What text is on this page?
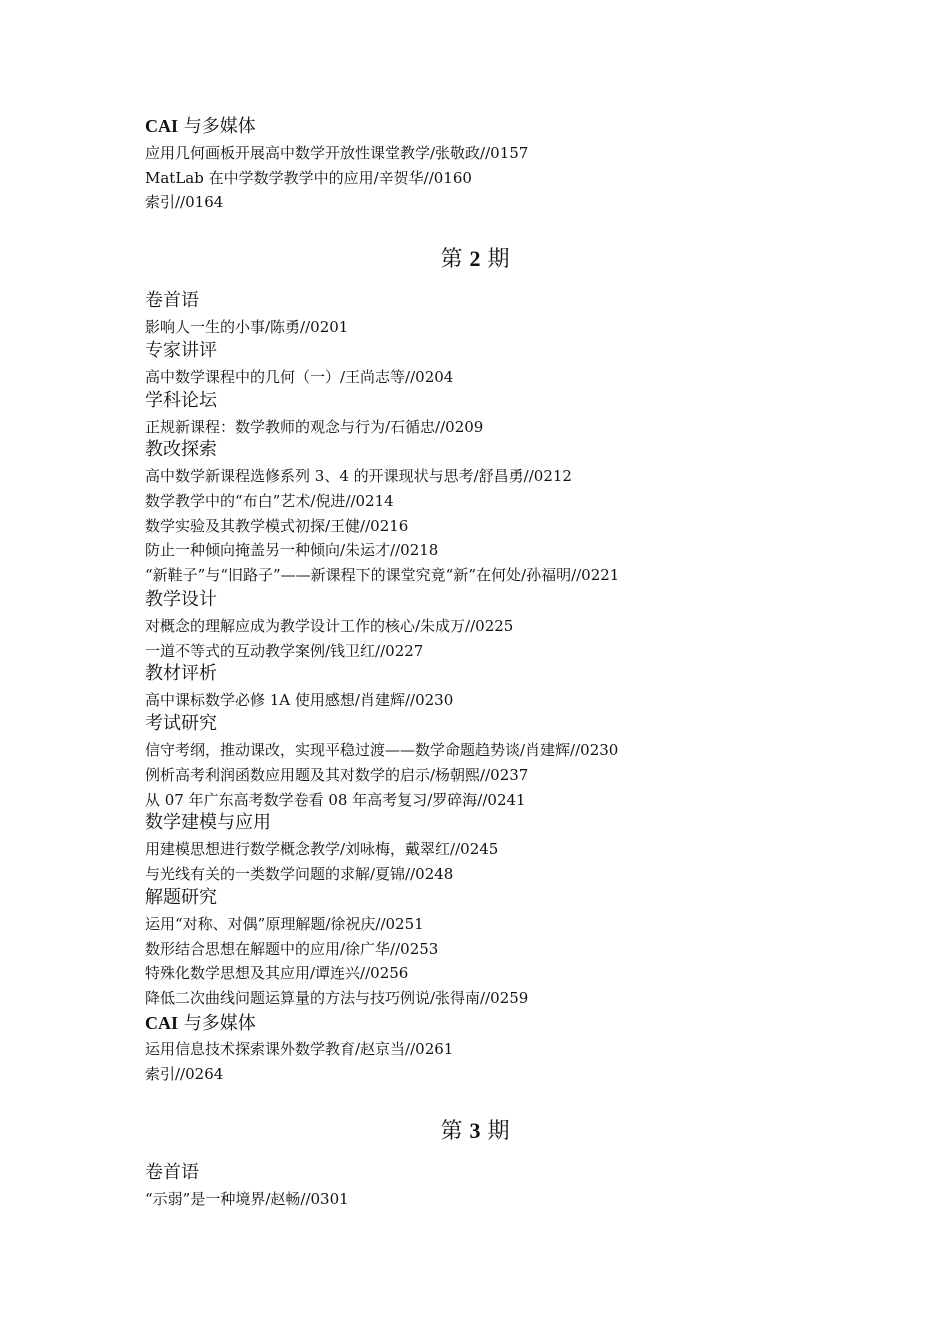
CAI 与多媒体
应用几何画板开展高中数学开放性课堂教学/张敬政//0157
MatLab 在中学数学教学中的应用/辛贺华//0160
索引//0164
第 2 期
卷首语
影响人一生的小事/陈勇//0201
专家讲评
高中数学课程中的几何（一）/王尚志等//0204
学科论坛
正规新课程：数学教师的观念与行为/石循忠//0209
教改探索
高中数学新课程选修系列 3、4 的开课现状与思考/舒昌勇//0212
数学教学中的“布白”艺术/倪进//0214
数学实验及其教学模式初探/王健//0216
防止一种倾向掩盖另一种倾向/朱运才//0218
“新鞋子”与“旧路子”——新课程下的课堂究竟“新”在何处/孙福明//0221
教学设计
对概念的理解应成为教学设计工作的核心/朱成万//0225
一道不等式的互动教学案例/钱卫红//0227
教材评析
高中课标数学必修 1A 使用感想/肖建辉//0230
考试研究
信守考纲，推动课改，实现平稳过渡——数学命题趋势谈/肖建辉//0230
例析高考利润函数应用题及其对数学的启示/杨朝熙//0237
从 07 年广东高考数学卷看 08 年高考复习/罗碎海//0241
数学建模与应用
用建模思想进行数学概念教学/刘咏梅，戴翠红//0245
与光线有关的一类数学问题的求解/夏锦//0248
解题研究
运用“对称、对偶”原理解题/徐祝庆//0251
数形结合思想在解题中的应用/徐广华//0253
特殊化数学思想及其应用/谭连兴//0256
降低二次曲线问题运算量的方法与技巧例说/张得南//0259
CAI 与多媒体
运用信息技术探索课外数学教育/赵京当//0261
索引//0264
第 3 期
卷首语
“示弱”是一种境界/赵畅//0301
